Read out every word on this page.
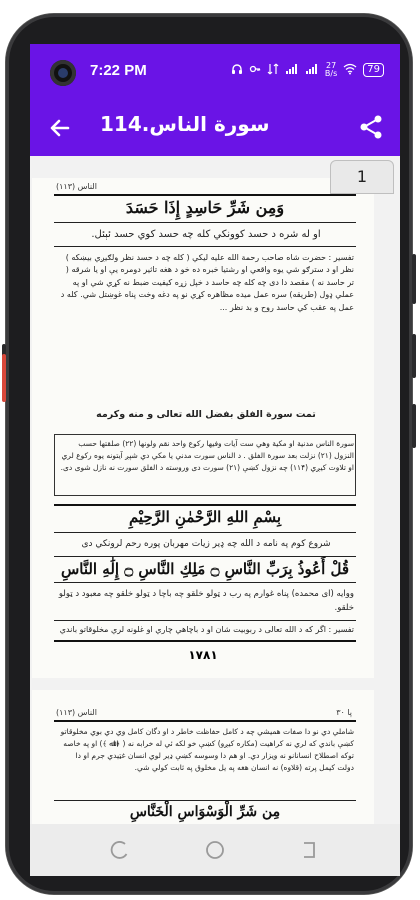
7:22 PM	27
B/s	79
114.سورة الناس
الناس (۱۱۳)
وَمِن شَرِّ حَاسِدٍ إِذَا حَسَدَ
او له شره د حسد كوونكي كله چه حسد كوي حسد ئېئل.
تفسير : حضرت شاه صاحب رحمة الله عليه ليكي ( كله چه د حسد نظر ولګيږي بيښكه ) نظر او د سترګو شي يوه واقعي او رشتيا خبره ده خو د هغه تاثير دومره يې او يا شرقه ( تر حاسد نه ) مقصد دا دى چه كله چه حاسد د خپل زړه كيفيت ضبط نه كړي شي او په عملي ډول (طريقه) سره عمل ميده مظاهره كړي نو په دغه وخت پناه غوښتل شي. كله د عمل په عقب كي حاسد روح و بد نظر ...
تمت سورة الفلق بفضل الله تعالى و منه وكرمه
سورة الناس مدنية او مكية وهي ست آيات وفيها ركوع واحد نقم ولونها (۲۲) صلقتها حسب النزول (۲۱) نزلت بعد سورة الفلق . د الناس سورت مدني يا مكي دي شپږ آيتونه يوه ركوع لري او تلاوت كيږي (۱۱۴) چه نزول كښې (۲۱) سورت دی وروسته د الفلق سورت نه نازل شوی دی.
بِسْمِ اللهِ الرَّحْمٰنِ الرَّحِيْمِ
شروع كوم په نامه د الله چه ډير زيات مهربان پوره رحم لرونكي دی
قُلْ أَعُوذُ بِرَبِّ النَّاسِ ۝ مَلِكِ النَّاسِ ۝ إِلَٰهِ النَّاسِ
ووايه (اى محمده) پناه غوارم په رب د ټولو خلقو چه باچا د ټولو خلقو چه معبود د ټولو خلقو.
تفسير : اگر كه د الله تعالى د ربوبيت شان او د باچاهي چاري او غلونه لري مخلوقاتو باندي
۱۷۸۱
الناس (۱۱۳)	پا ۳۰
شاملي دي نو دا صفات هميشي چه د كامل حفاظت خاطر د او دگان كامل وي دي بوي مخلوقاتو كښې باندي كه لري نه كراهيت (مكاره كيږو) كښې خو لكه ئي له خرابه نه ( ﴿اﷲ ﴾) او په خاصه توكه اصطلاح انسانانو نه ويزار دي. او هم دا وسوسه كښې ډير لوي انسان غټيدي جرم او دا دولت كيمل پرته (قلاوه) نه انسان هغه په يل مخلوق په ثابت كولي شي.
مِن شَرِّ الْوَسْوَاسِ الْخَنَّاسِ
1
